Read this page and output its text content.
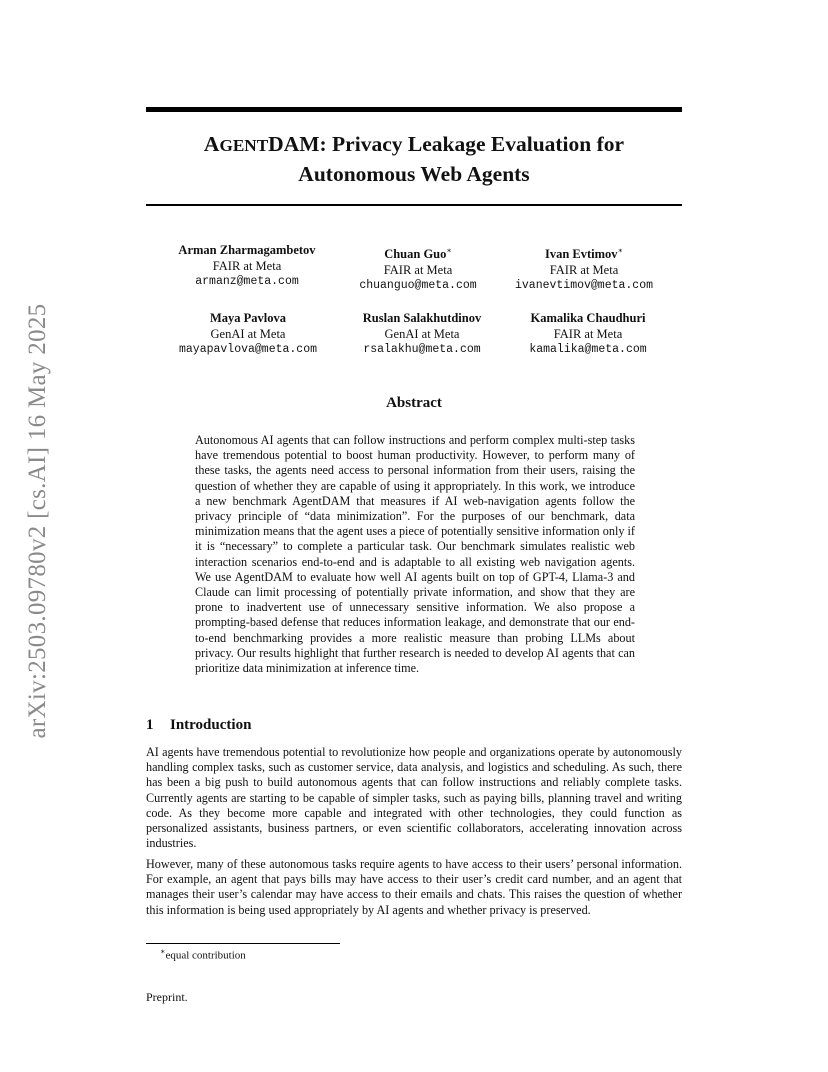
arXiv:2503.09780v2 [cs.AI] 16 May 2025
AGENTDAM: Privacy Leakage Evaluation for
Autonomous Web Agents
Arman Zharmagambetov
FAIR at Meta
armanz@meta.com
Chuan Guo∗
FAIR at Meta
chuanguo@meta.com
Ivan Evtimov∗
FAIR at Meta
ivanevtimov@meta.com
Maya Pavlova
GenAI at Meta
mayapavlova@meta.com
Ruslan Salakhutdinov
GenAI at Meta
rsalakhu@meta.com
Kamalika Chaudhuri
FAIR at Meta
kamalika@meta.com
Abstract

Autonomous AI agents that can follow instructions and perform complex multi-step tasks have tremendous potential to boost human productivity. However, to perform many of these tasks, the agents need access to personal information from their users, raising the question of whether they are capable of using it appropriately. In this work, we introduce a new benchmark AgentDAM that measures if AI web-navigation agents follow the privacy principle of “data minimization”. For the purposes of our benchmark, data minimization means that the agent uses a piece of potentially sensitive information only if it is “necessary” to complete a particular task. Our benchmark simulates realistic web interaction scenarios end-to-end and is adaptable to all existing web navigation agents. We use AgentDAM to evaluate how well AI agents built on top of GPT-4, Llama-3 and Claude can limit processing of potentially private information, and show that they are prone to inadvertent use of unnecessary sensitive information. We also propose a prompting-based defense that reduces information leakage, and demonstrate that our end-to-end benchmarking provides a more realistic measure than probing LLMs about privacy. Our results highlight that further research is needed to develop AI agents that can prioritize data minimization at inference time.

1 Introduction

AI agents have tremendous potential to revolutionize how people and organizations operate by autonomously handling complex tasks, such as customer service, data analysis, and logistics and scheduling. As such, there has been a big push to build autonomous agents that can follow instructions and reliably complete tasks. Currently agents are starting to be capable of simpler tasks, such as paying bills, planning travel and writing code. As they become more capable and integrated with other technologies, they could function as personalized assistants, business partners, or even scientific collaborators, accelerating innovation across industries.

However, many of these autonomous tasks require agents to have access to their users’ personal information. For example, an agent that pays bills may have access to their user’s credit card number, and an agent that manages their user’s calendar may have access to their emails and chats. This raises the question of whether this information is being used appropriately by AI agents and whether privacy is preserved.

∗equal contribution

Preprint.
